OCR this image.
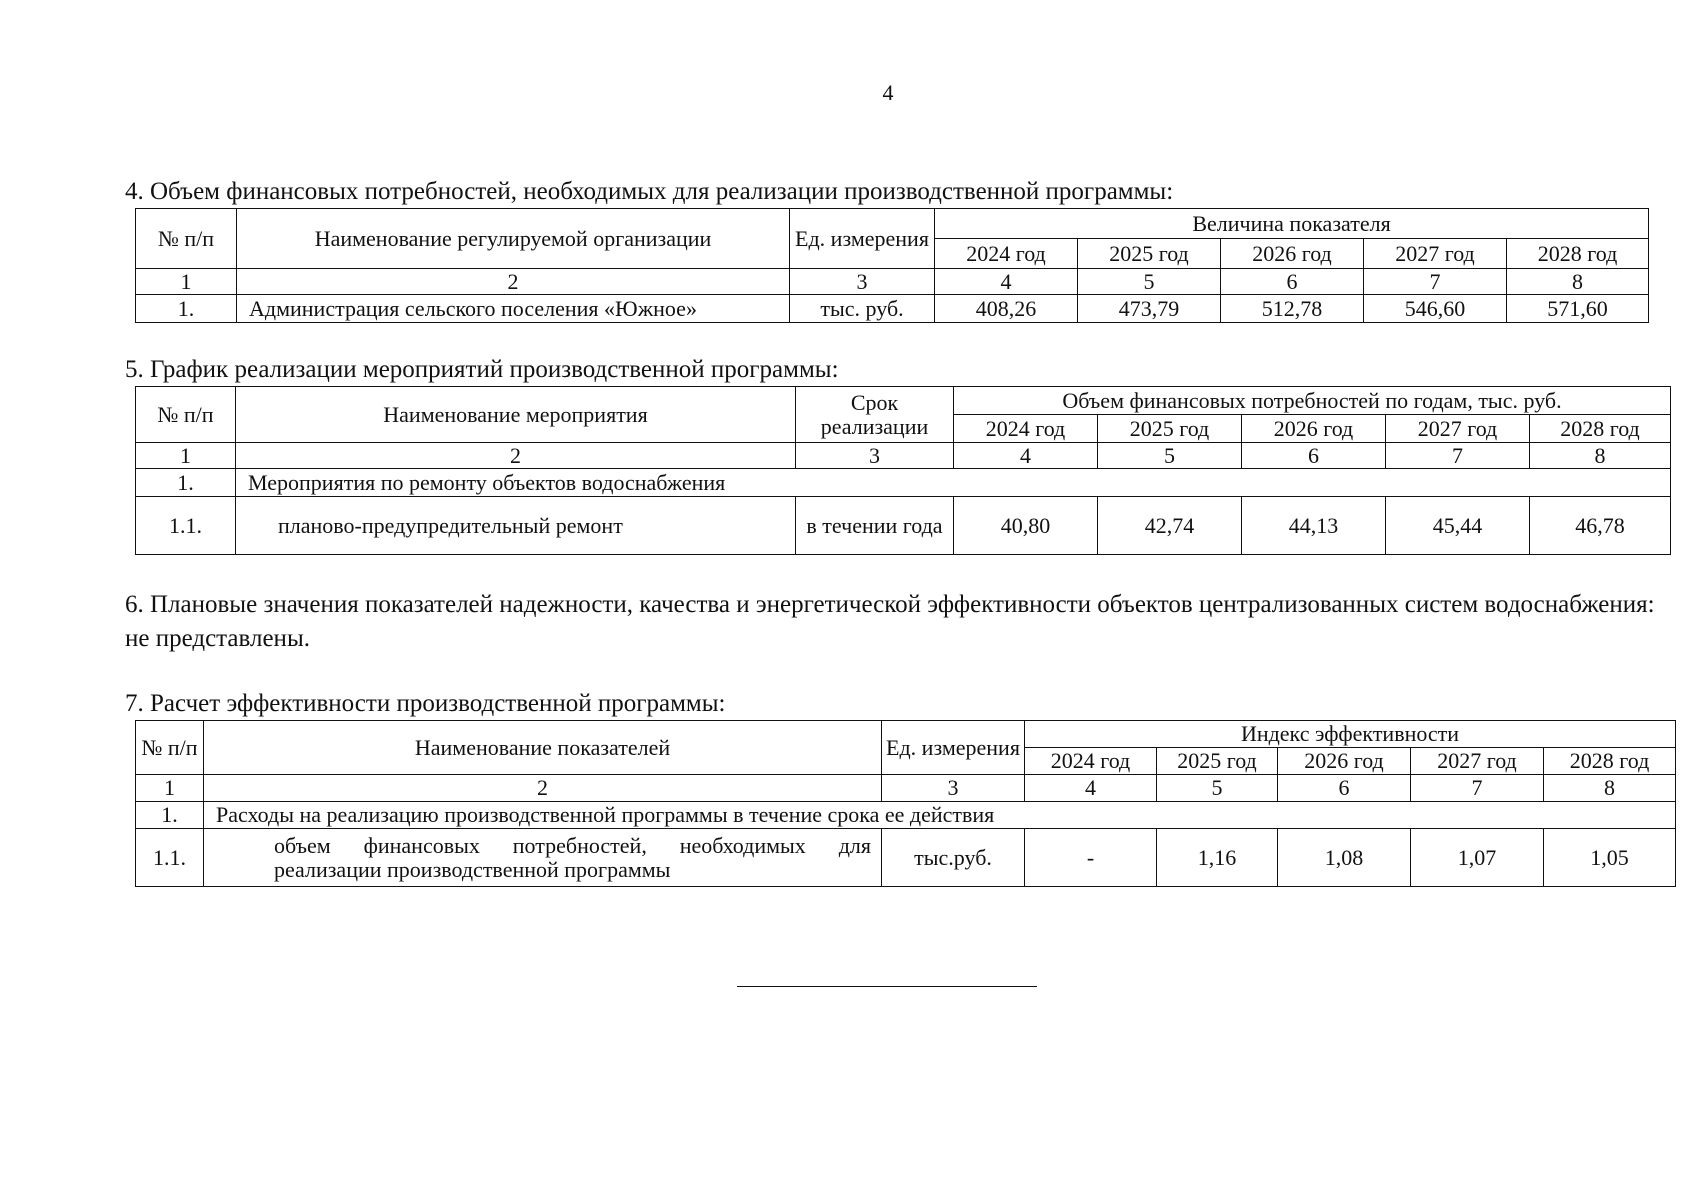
4
4. Объем финансовых потребностей, необходимых для реализации производственной программы:
№ п/п	Наименование регулируемой организации	Ед. измерения	Величина показателя				
			2024 год	2025 год	2026 год	2027 год	2028 год
1	2	3	4	5	6	7	8
1.	Администрация сельского поселения «Южное»	тыс. руб.	408,26	473,79	512,78	546,60	571,60
5. График реализации мероприятий производственной программы:
№ п/п	Наименование мероприятия	Срок реализации	Объем финансовых потребностей по годам, тыс. руб.				
			2024 год	2025 год	2026 год	2027 год	2028 год
1	2	3	4	5	6	7	8
1.	Мероприятия по ремонту объектов водоснабжения						
1.1.	планово-предупредительный ремонт	в течении года	40,80	42,74	44,13	45,44	46,78
6. Плановые значения показателей надежности, качества и энергетической эффективности объектов централизованных систем водоснабжения: не представлены.
7. Расчет эффективности производственной программы:
№ п/п	Наименование показателей	Ед. измерения	Индекс эффективности				
			2024 год	2025 год	2026 год	2027 год	2028 год
1	2	3	4	5	6	7	8
1.	Расходы на реализацию производственной программы в течение срока ее действия						
1.1.	объем финансовых потребностей, необходимых для реализации производственной программы	тыс.руб.	-	1,16	1,08	1,07	1,05
